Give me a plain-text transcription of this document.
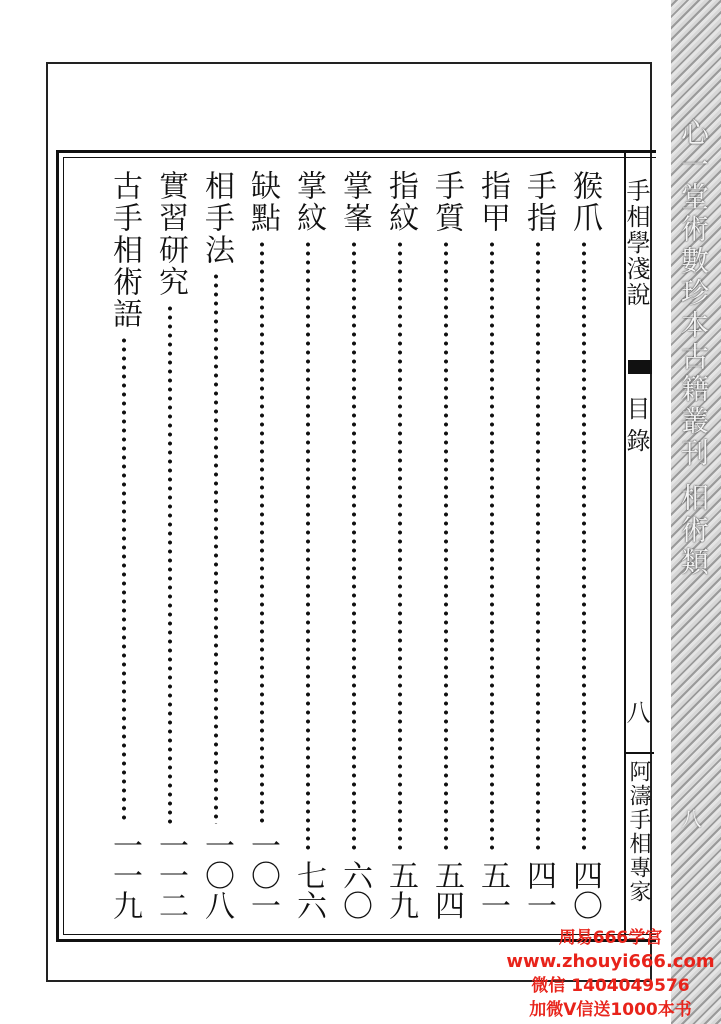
手相學淺說
目錄
八
阿濤手相專家
猴爪
四〇
手指
四一
指甲
五一
手質
五四
指紋
五九
掌峯
六〇
掌紋
七六
缺點
一〇一
相手法
一〇八
實習研究
一一二
古手相術語
一一九
心一堂術數珍本古籍叢刊 相術類
八
周易666学宫
www.zhouyi666.com
微信 1404049576
加微V信送1000本书
